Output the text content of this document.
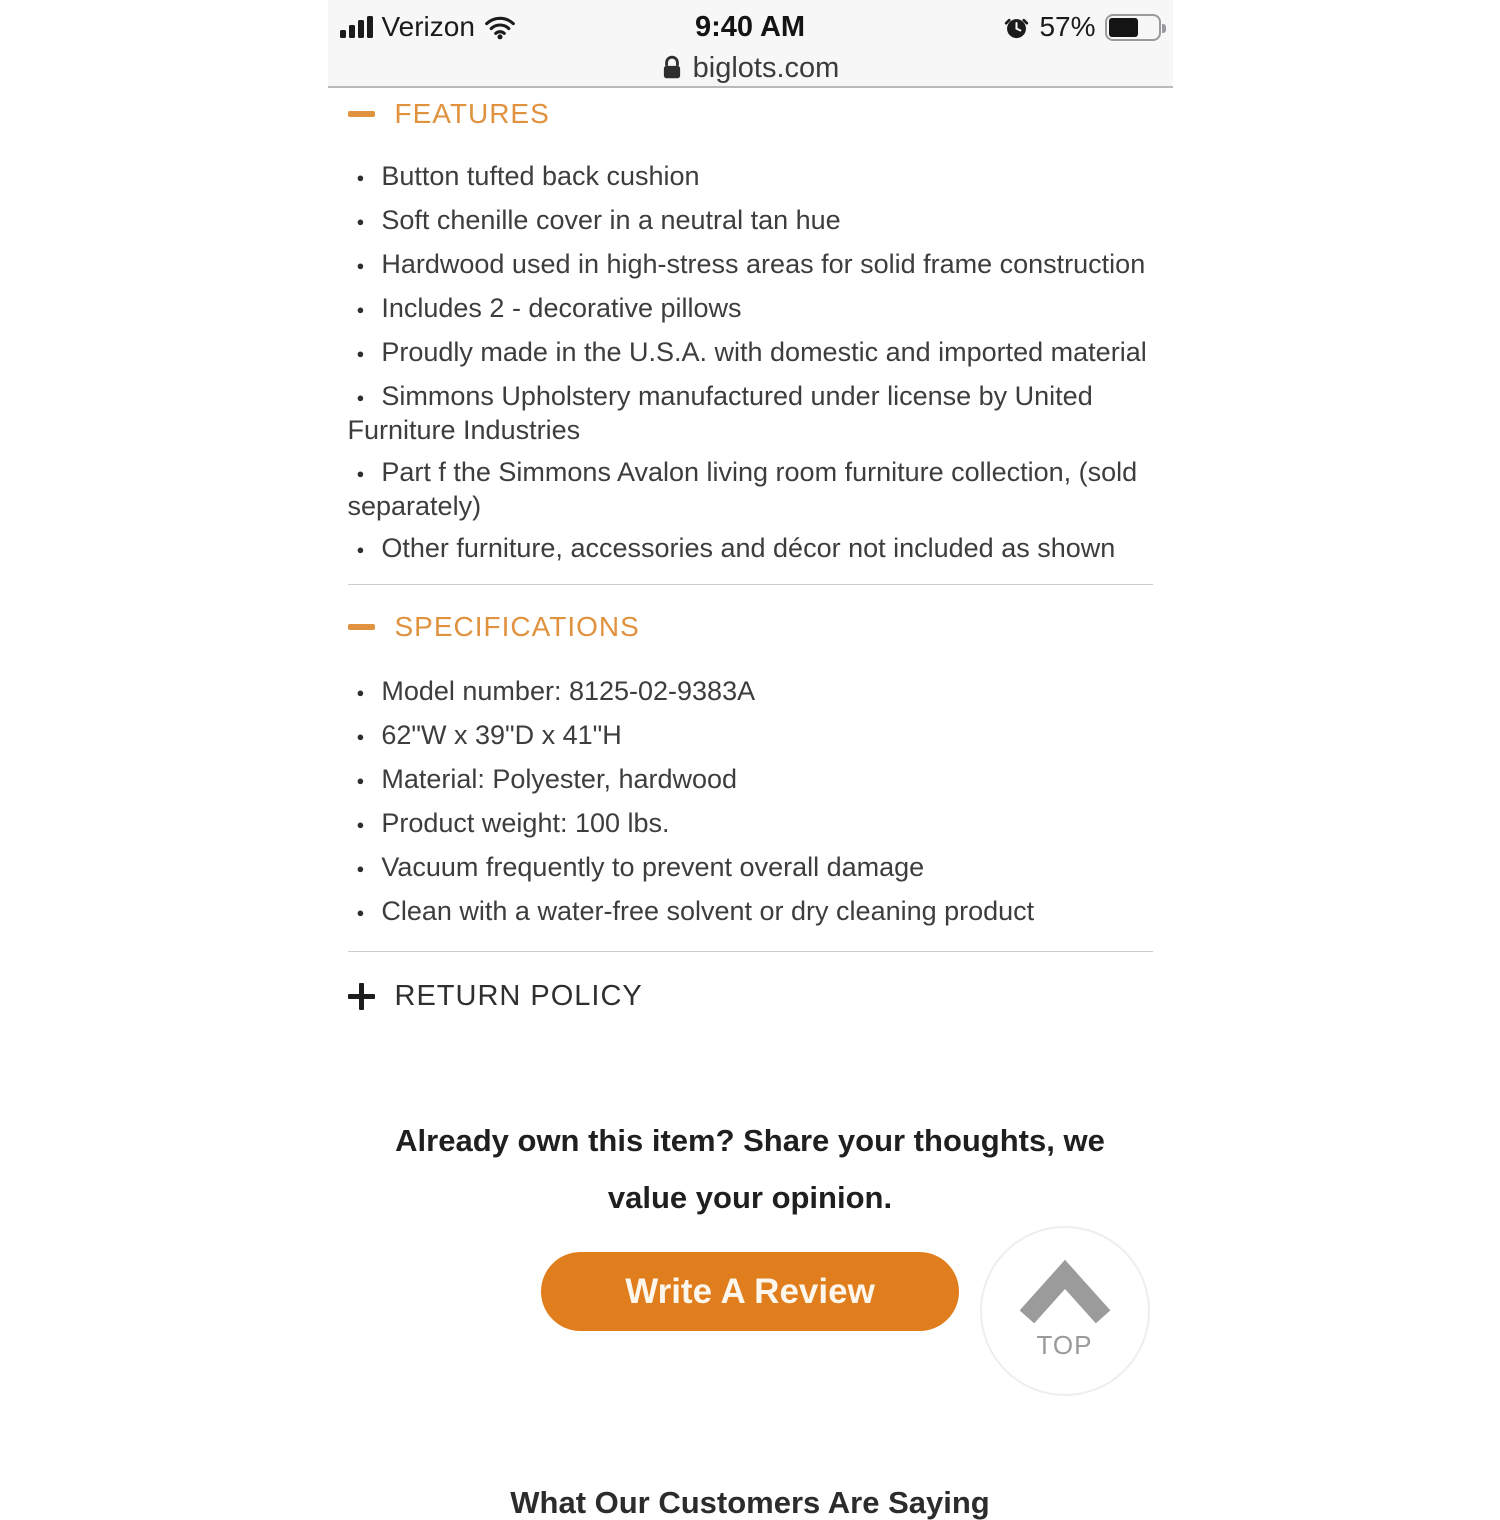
Verizon	9:40 AM	57%
biglots.com
FEATURES
● Button tufted back cushion
● Soft chenille cover in a neutral tan hue
● Hardwood used in high-stress areas for solid frame construction
● Includes 2 - decorative pillows
● Proudly made in the U.S.A. with domestic and imported material
● Simmons Upholstery manufactured under license by United Furniture Industries
● Part f the Simmons Avalon living room furniture collection, (sold separately)
● Other furniture, accessories and décor not included as shown
SPECIFICATIONS
● Model number: 8125-02-9383A
● 62"W x 39"D x 41"H
● Material: Polyester, hardwood
● Product weight: 100 lbs.
● Vacuum frequently to prevent overall damage
● Clean with a water-free solvent or dry cleaning product
RETURN POLICY

Already own this item? Share your thoughts, we
value your opinion.

Write A Review
TOP
What Our Customers Are Saying
